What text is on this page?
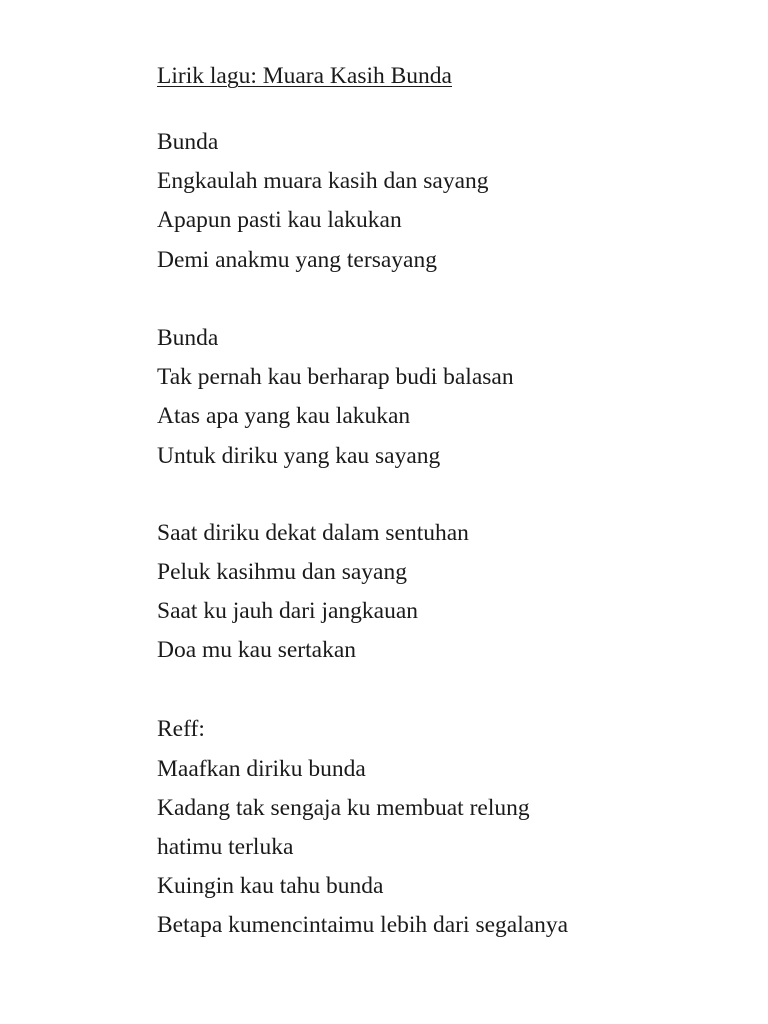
Lirik lagu: Muara Kasih Bunda
Bunda
Engkaulah muara kasih dan sayang
Apapun pasti kau lakukan
Demi anakmu yang tersayang
Bunda
Tak pernah kau berharap budi balasan
Atas apa yang kau lakukan
Untuk diriku yang kau sayang
Saat diriku dekat dalam sentuhan
Peluk kasihmu dan sayang
Saat ku jauh dari jangkauan
Doa mu kau sertakan
Reff:
Maafkan diriku bunda
Kadang tak sengaja ku membuat relung
hatimu terluka
Kuingin kau tahu bunda
Betapa kumencintaimu lebih dari segalanya
